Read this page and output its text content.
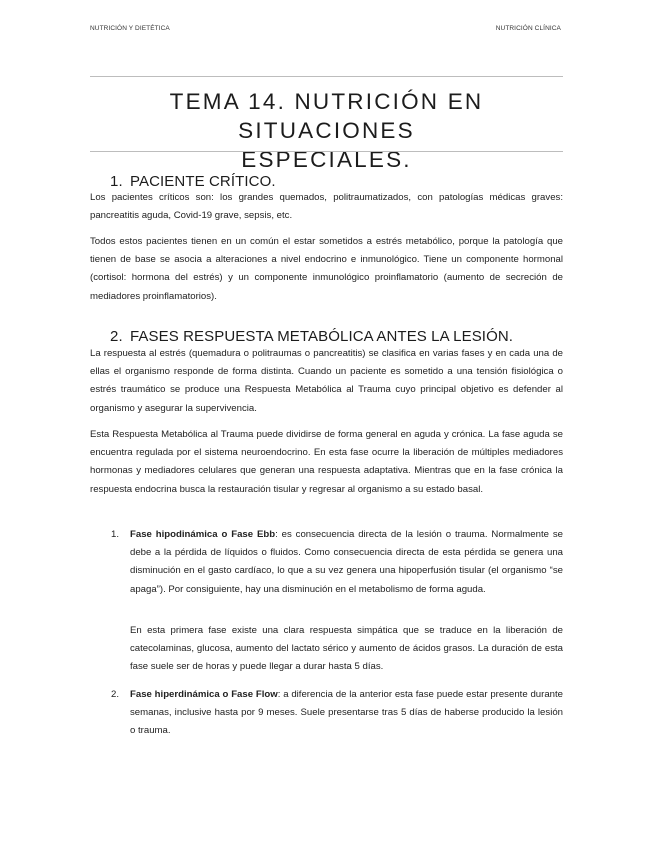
NUTRICIÓN Y DIETÉTICA	NUTRICIÓN CLÍNICA
TEMA 14. NUTRICIÓN EN SITUACIONES
ESPECIALES.
1. PACIENTE CRÍTICO.

Los pacientes críticos son: los grandes quemados, politraumatizados, con patologías médicas graves: pancreatitis aguda, Covid-19 grave, sepsis, etc.

Todos estos pacientes tienen en un común el estar sometidos a estrés metabólico, porque la patología que tienen de base se asocia a alteraciones a nivel endocrino e inmunológico. Tiene un componente hormonal (cortisol: hormona del estrés) y un componente inmunológico proinflamatorio (aumento de secreción de mediadores proinflamatorios).

2. FASES RESPUESTA METABÓLICA ANTES LA LESIÓN.

La respuesta al estrés (quemadura o politraumas o pancreatitis) se clasifica en varias fases y en cada una de ellas el organismo responde de forma distinta. Cuando un paciente es sometido a una tensión fisiológica o estrés traumático se produce una Respuesta Metabólica al Trauma cuyo principal objetivo es defender al organismo y asegurar la supervivencia.

Esta Respuesta Metabólica al Trauma puede dividirse de forma general en aguda y crónica. La fase aguda se encuentra regulada por el sistema neuroendocrino. En esta fase ocurre la liberación de múltiples mediadores hormonas y mediadores celulares que generan una respuesta adaptativa. Mientras que en la fase crónica la respuesta endocrina busca la restauración tisular y regresar al organismo a su estado basal.

1. Fase hipodinámica o Fase Ebb: es consecuencia directa de la lesión o trauma. Normalmente se debe a la pérdida de líquidos o fluidos. Como consecuencia directa de esta pérdida se genera una disminución en el gasto cardíaco, lo que a su vez genera una hipoperfusión tisular (el organismo “se apaga”). Por consiguiente, hay una disminución en el metabolismo de forma aguda.

En esta primera fase existe una clara respuesta simpática que se traduce en la liberación de catecolaminas, glucosa, aumento del lactato sérico y aumento de ácidos grasos. La duración de esta fase suele ser de horas y puede llegar a durar hasta 5 días.

2. Fase hiperdinámica o Fase Flow: a diferencia de la anterior esta fase puede estar presente durante semanas, inclusive hasta por 9 meses. Suele presentarse tras 5 días de haberse producido la lesión o trauma.
